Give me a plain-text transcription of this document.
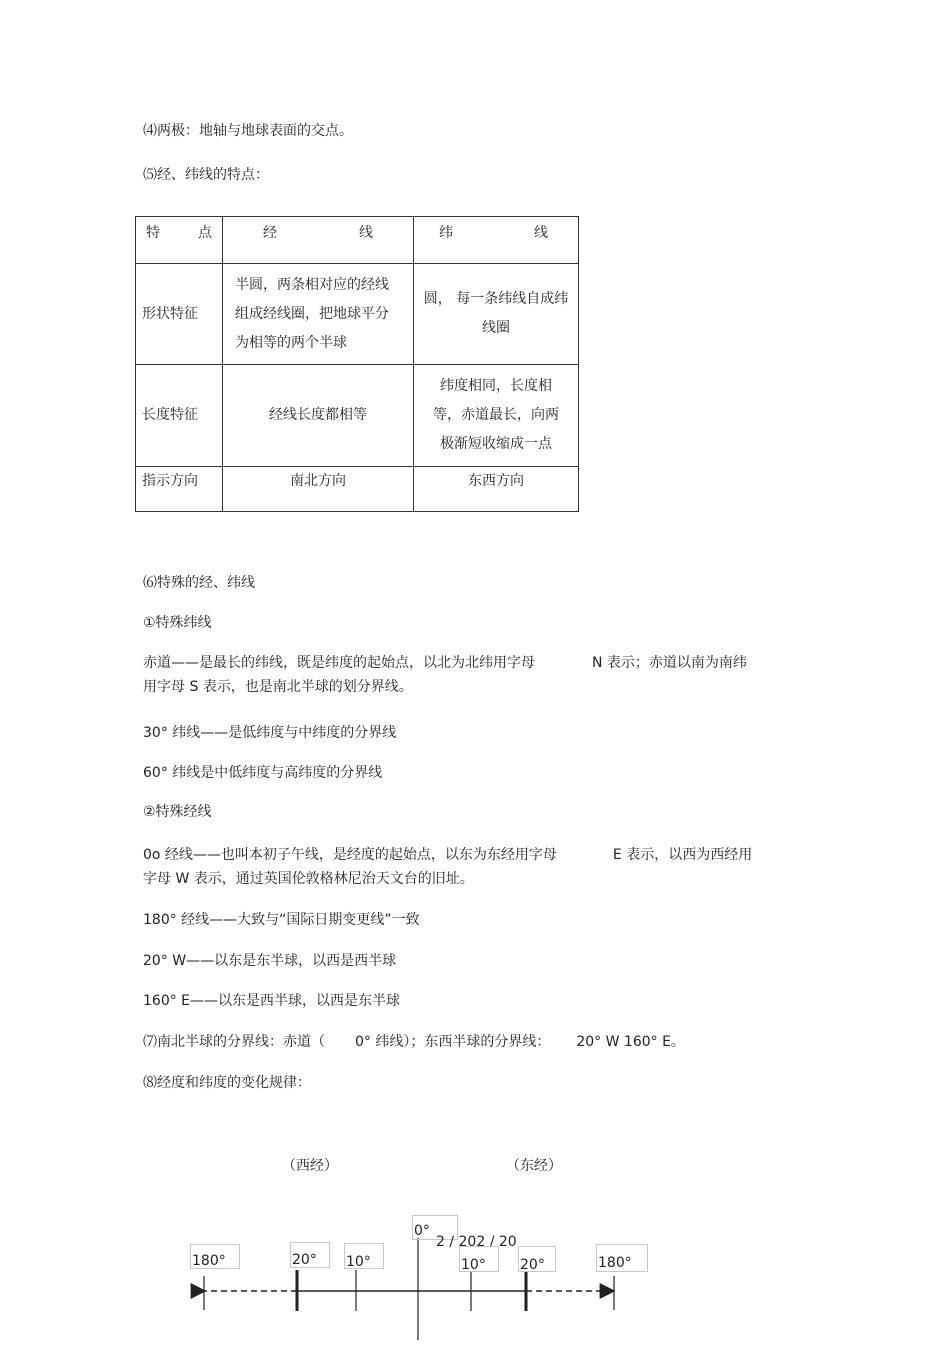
⑷两极：地轴与地球表面的交点。
⑸经、纬线的特点：
特 点	经 线	纬 线

形状特征	半圆，两条相对应的经线组成经线圈，把地球平分为相等的两个半球	圆， 每一条纬线自成纬线圈
长度特征	经线长度都相等	纬度相同，长度相等，赤道最长，向两极渐短收缩成一点
指示方向	南北方向	东西方向
⑹特殊的经、纬线
①特殊纬线
赤道——是最长的纬线，既是纬度的起始点，以北为北纬用字母	N 表示；赤道以南为南纬
用字母 S 表示，也是南北半球的划分界线。
30° 纬线——是低纬度与中纬度的分界线
60° 纬线是中低纬度与高纬度的分界线
②特殊经线
0o 经线——也叫本初子午线，是经度的起始点，以东为东经用字母	E 表示，以西为西经用
字母 W 表示，通过英国伦敦格林尼治天文台的旧址。
180° 经线——大致与“国际日期变更线”一致
20° W——以东是东半球，以西是西半球
160° E——以东是西半球，以西是东半球
⑺南北半球的分界线：赤道（ 0° 纬线）；东西半球的分界线： 20° W 160° E。
⑻经度和纬度的变化规律：
（西经）	（东经）
0°
2 / 202 / 20
180°	20°	10°	10°	20°	180°
